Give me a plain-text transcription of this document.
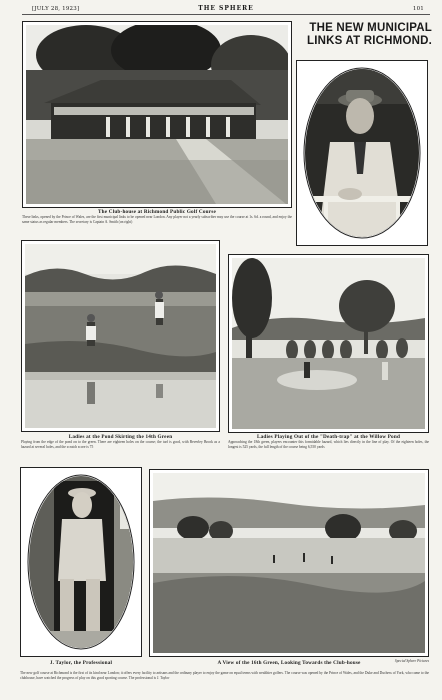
[JULY 28, 1923]	THE SPHERE	101
THE NEW MUNICIPAL LINKS AT RICHMOND.
The Club-house at Richmond Public Golf Course
These links, opened by the Prince of Wales, are the first municipal links to be opened near London. Any player not a yearly subscriber may use the course at 1s. 6d. a round, and enjoy the same status as regular members. The secretary is Captain A. Smith (on right)
Ladies at the Pond Skirting the 14th Green
Playing from the edge of the pond on to the green. There are eighteen holes on the course; the turf is good, with Beverley Brook as a hazard at several holes, and the scratch score is 75
Ladies Playing Out of the "Death-trap" at the Willow Pond
Approaching the 18th green, players encounter this formidable hazard, which lies directly in the line of play. Of the eighteen holes, the longest is 525 yards, the full length of the course being 6,550 yards
J. Taylor, the Professional	Special Sphere Pictures
A View of the 16th Green, Looking Towards the Club-house
The new golf course at Richmond is the first of its kind near London; it offers every facility to artisans and the ordinary player to enjoy the game on equal terms with wealthier golfers. The course was opened by the Prince of Wales, and the Duke and Duchess of York, who came to the clubhouse, have watched the progress of play on this good sporting course. The professional is J. Taylor
